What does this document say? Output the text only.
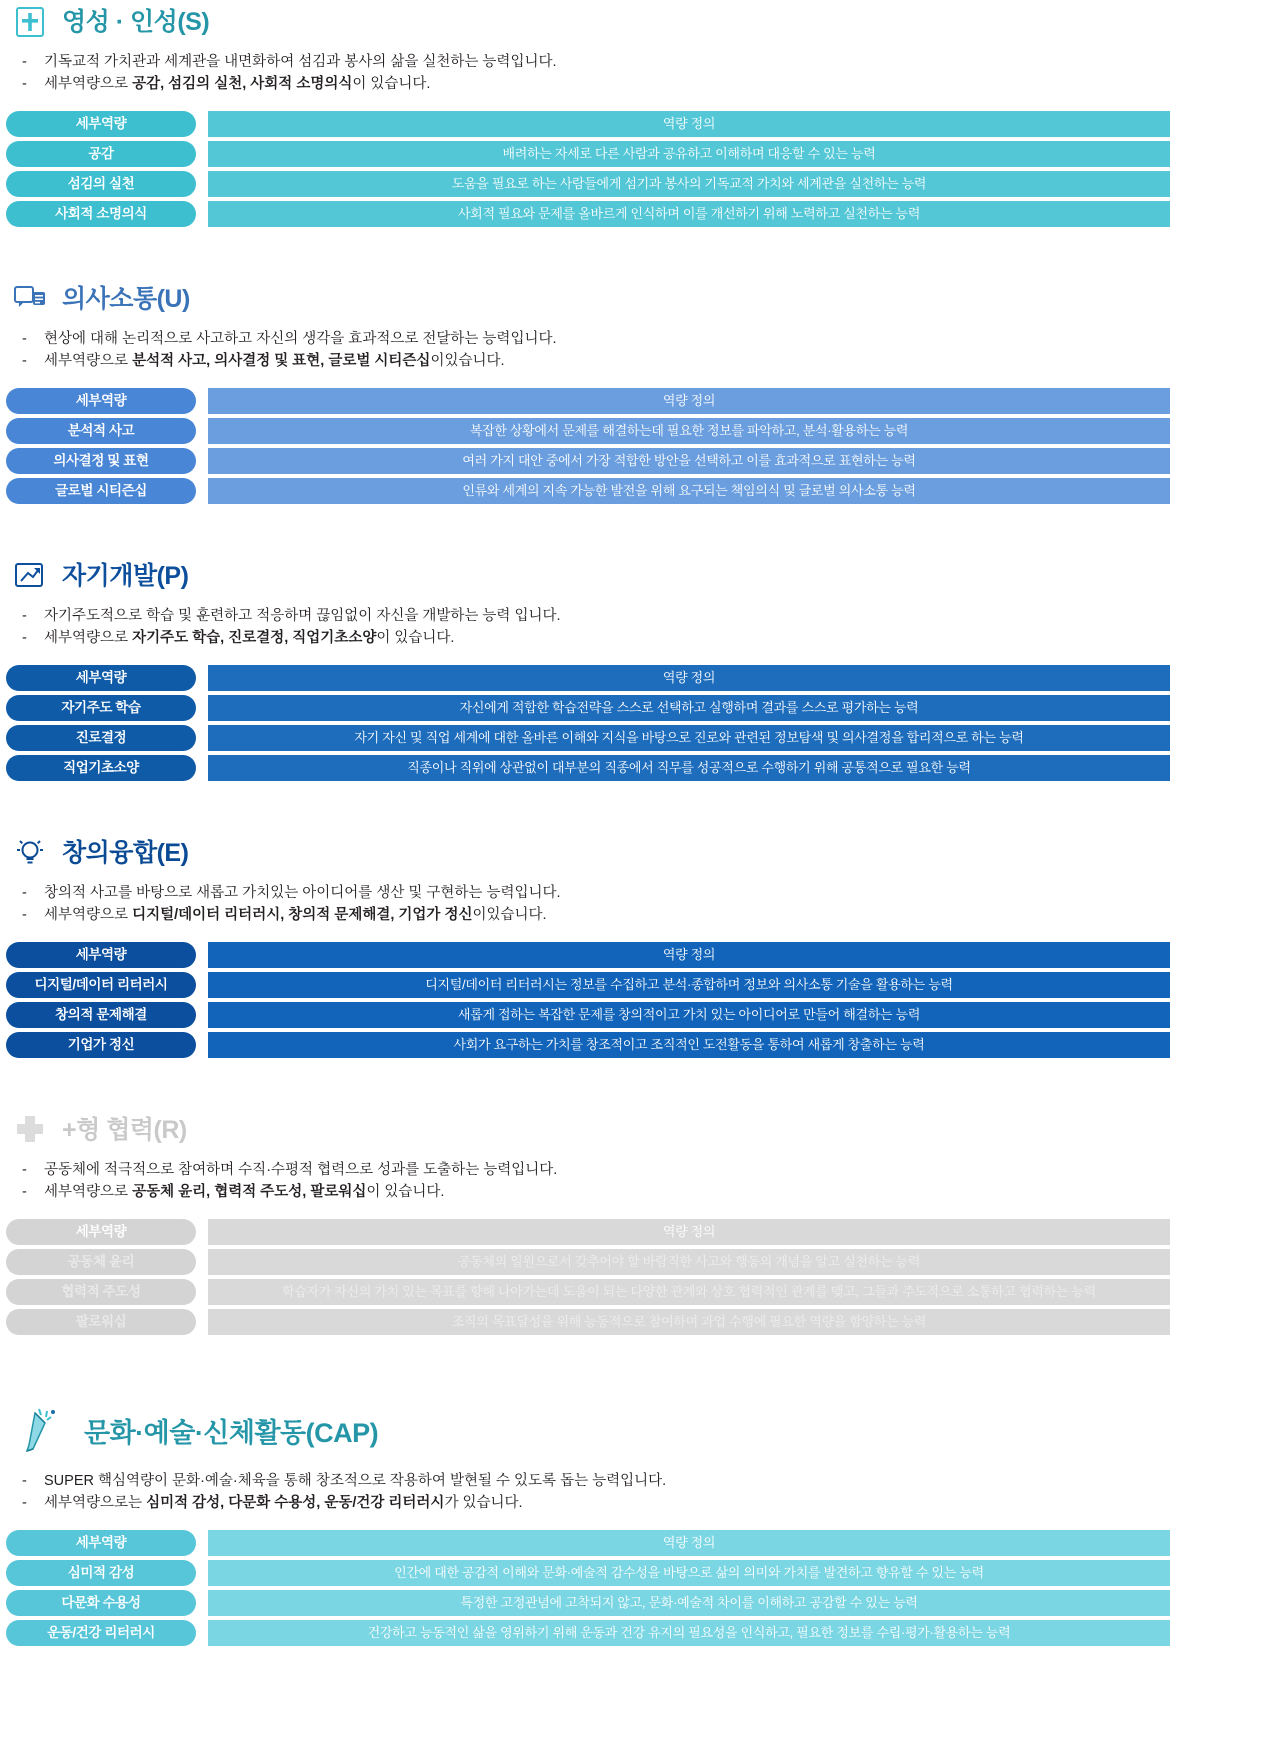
영성 · 인성(S)
-	기독교적 가치관과 세계관을 내면화하여 섬김과 봉사의 삶을 실천하는 능력입니다.
-	세부역량으로 공감, 섬김의 실천, 사회적 소명의식이 있습니다.
세부역량		역량 정의

공감		배려하는 자세로 다른 사람과 공유하고 이해하며 대응할 수 있는 능력

섬김의 실천		도움을 필요로 하는 사람들에게 섬기과 봉사의 기독교적 가치와 세계관을 실천하는 능력

사회적 소명의식		사회적 필요와 문제를 올바르게 인식하며 이를 개선하기 위해 노력하고 실천하는 능력
의사소통(U)
-	현상에 대해 논리적으로 사고하고 자신의 생각을 효과적으로 전달하는 능력입니다.
-	세부역량으로 분석적 사고, 의사결정 및 표현, 글로벌 시티즌십이있습니다.
세부역량		역량 정의

분석적 사고		복잡한 상황에서 문제를 해결하는데 필요한 정보를 파악하고, 분석·활용하는 능력

의사결정 및 표현		여러 가지 대안 중에서 가장 적합한 방안을 선택하고 이를 효과적으로 표현하는 능력

글로벌 시티즌십		인류와 세계의 지속 가능한 발전을 위해 요구되는 책임의식 및 글로벌 의사소통 능력
자기개발(P)
-	자기주도적으로 학습 및 훈련하고 적응하며 끊임없이 자신을 개발하는 능력 입니다.
-	세부역량으로 자기주도 학습, 진로결정, 직업기초소양이 있습니다.
세부역량		역량 정의

자기주도 학습		자신에게 적합한 학습전략을 스스로 선택하고 실행하며 결과를 스스로 평가하는 능력

진로결정		자기 자신 및 직업 세계에 대한 올바른 이해와 지식을 바탕으로 진로와 관련된 정보탐색 및 의사결정을 합리적으로 하는 능력

직업기초소양		직종이나 직위에 상관없이 대부분의 직종에서 직무를 성공적으로 수행하기 위해 공통적으로 필요한 능력
창의융합(E)
-	창의적 사고를 바탕으로 새롭고 가치있는 아이디어를 생산 및 구현하는 능력입니다.
-	세부역량으로 디지털/데이터 리터러시, 창의적 문제해결, 기업가 정신이있습니다.
세부역량		역량 정의

디지털/데이터 리터러시		디지털/데이터 리터러시는 정보를 수집하고 분석·종합하며 정보와 의사소통 기술을 활용하는 능력

창의적 문제해결		새롭게 접하는 복잡한 문제를 창의적이고 가치 있는 아이디어로 만들어 해결하는 능력

기업가 정신		사회가 요구하는 가치를 창조적이고 조직적인 도전활동을 통하여 새롭게 창출하는 능력
+형 협력(R)
-	공동체에 적극적으로 참여하며 수직·수평적 협력으로 성과를 도출하는 능력입니다.
-	세부역량으로 공동체 윤리, 협력적 주도성, 팔로워십이 있습니다.
세부역량		역량 정의

공동체 윤리		공동체의 일원으로서 갖추어야 할 바람직한 사고와 행동의 개념을 알고 실천하는 능력

협력적 주도성		학습자가 자신의 가치 있는 목표를 향해 나아가는데 도움이 되는 다양한 관계와 상호 협력적인 관계를 맺고, 그들과 주도적으로 소통하고 협력하는 능력

팔로워십		조직의 목표달성을 위해 능동적으로 참여하며 과업 수행에 필요한 역량을 함양하는 능력
문화·예술·신체활동(CAP)
-	SUPER 핵심역량이 문화·예술·체육을 통해 창조적으로 작용하여 발현될 수 있도록 돕는 능력입니다.
-	세부역량으로는 심미적 감성, 다문화 수용성, 운동/건강 리터러시가 있습니다.
세부역량		역량 정의

심미적 감성		인간에 대한 공감적 이해와 문화·예술적 감수성을 바탕으로 삶의 의미와 가치를 발견하고 향유할 수 있는 능력

다문화 수용성		특정한 고정관념에 고착되지 않고, 문화·예술적 차이를 이해하고 공감할 수 있는 능력

운동/건강 리터러시		건강하고 능동적인 삶을 영위하기 위해 운동과 건강 유지의 필요성을 인식하고, 필요한 정보를 수립·평가·활용하는 능력
